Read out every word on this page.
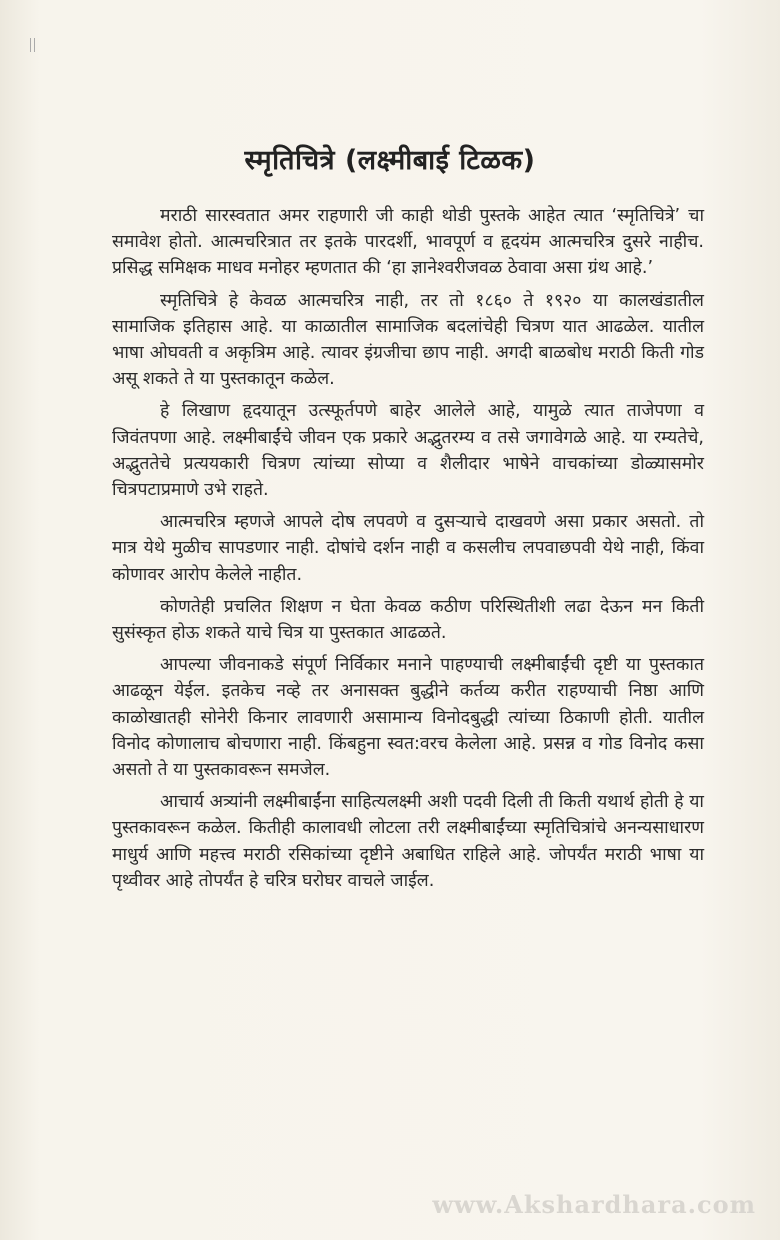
स्मृतिचित्रे (लक्ष्मीबाई टिळक)

मराठी सारस्वतात अमर राहणारी जी काही थोडी पुस्तके आहेत त्यात ‘स्मृतिचित्रे’ चा समावेश होतो. आत्मचरित्रात तर इतके पारदर्शी, भावपूर्ण व हृदयंम आत्मचरित्र दुसरे नाहीच. प्रसिद्ध समिक्षक माधव मनोहर म्हणतात की ‘हा ज्ञानेश्वरीजवळ ठेवावा असा ग्रंथ आहे.’

स्मृतिचित्रे हे केवळ आत्मचरित्र नाही, तर तो १८६० ते १९२० या कालखंडातील सामाजिक इतिहास आहे. या काळातील सामाजिक बदलांचेही चित्रण यात आढळेल. यातील भाषा ओघवती व अकृत्रिम आहे. त्यावर इंग्रजीचा छाप नाही. अगदी बाळबोध मराठी किती गोड असू शकते ते या पुस्तकातून कळेल.

हे लिखाण हृदयातून उत्स्फूर्तपणे बाहेर आलेले आहे, यामुळे त्यात ताजेपणा व जिवंतपणा आहे. लक्ष्मीबाईंचे जीवन एक प्रकारे अद्भुतरम्य व तसे जगावेगळे आहे. या रम्यतेचे, अद्भुततेचे प्रत्ययकारी चित्रण त्यांच्या सोप्या व शैलीदार भाषेने वाचकांच्या डोळ्यासमोर चित्रपटाप्रमाणे उभे राहते.

आत्मचरित्र म्हणजे आपले दोष लपवणे व दुसऱ्याचे दाखवणे असा प्रकार असतो. तो मात्र येथे मुळीच सापडणार नाही. दोषांचे दर्शन नाही व कसलीच लपवाछपवी येथे नाही, किंवा कोणावर आरोप केलेले नाहीत.

कोणतेही प्रचलित शिक्षण न घेता केवळ कठीण परिस्थितीशी लढा देऊन मन किती सुसंस्कृत होऊ शकते याचे चित्र या पुस्तकात आढळते.

आपल्या जीवनाकडे संपूर्ण निर्विकार मनाने पाहण्याची लक्ष्मीबाईंची दृष्टी या पुस्तकात आढळून येईल. इतकेच नव्हे तर अनासक्त बुद्धीने कर्तव्य करीत राहण्याची निष्ठा आणि काळोखातही सोनेरी किनार लावणारी असामान्य विनोदबुद्धी त्यांच्या ठिकाणी होती. यातील विनोद कोणालाच बोचणारा नाही. किंबहुना स्वत:वरच केलेला आहे. प्रसन्न व गोड विनोद कसा असतो ते या पुस्तकावरून समजेल.

आचार्य अत्र्यांनी लक्ष्मीबाईंना साहित्यलक्ष्मी अशी पदवी दिली ती किती यथार्थ होती हे या पुस्तकावरून कळेल. कितीही कालावधी लोटला तरी लक्ष्मीबाईंच्या स्मृतिचित्रांचे अनन्यसाधारण माधुर्य आणि महत्त्व मराठी रसिकांच्या दृष्टीने अबाधित राहिले आहे. जोपर्यंत मराठी भाषा या पृथ्वीवर आहे तोपर्यंत हे चरित्र घरोघर वाचले जाईल.

www.Akshardhara.com
